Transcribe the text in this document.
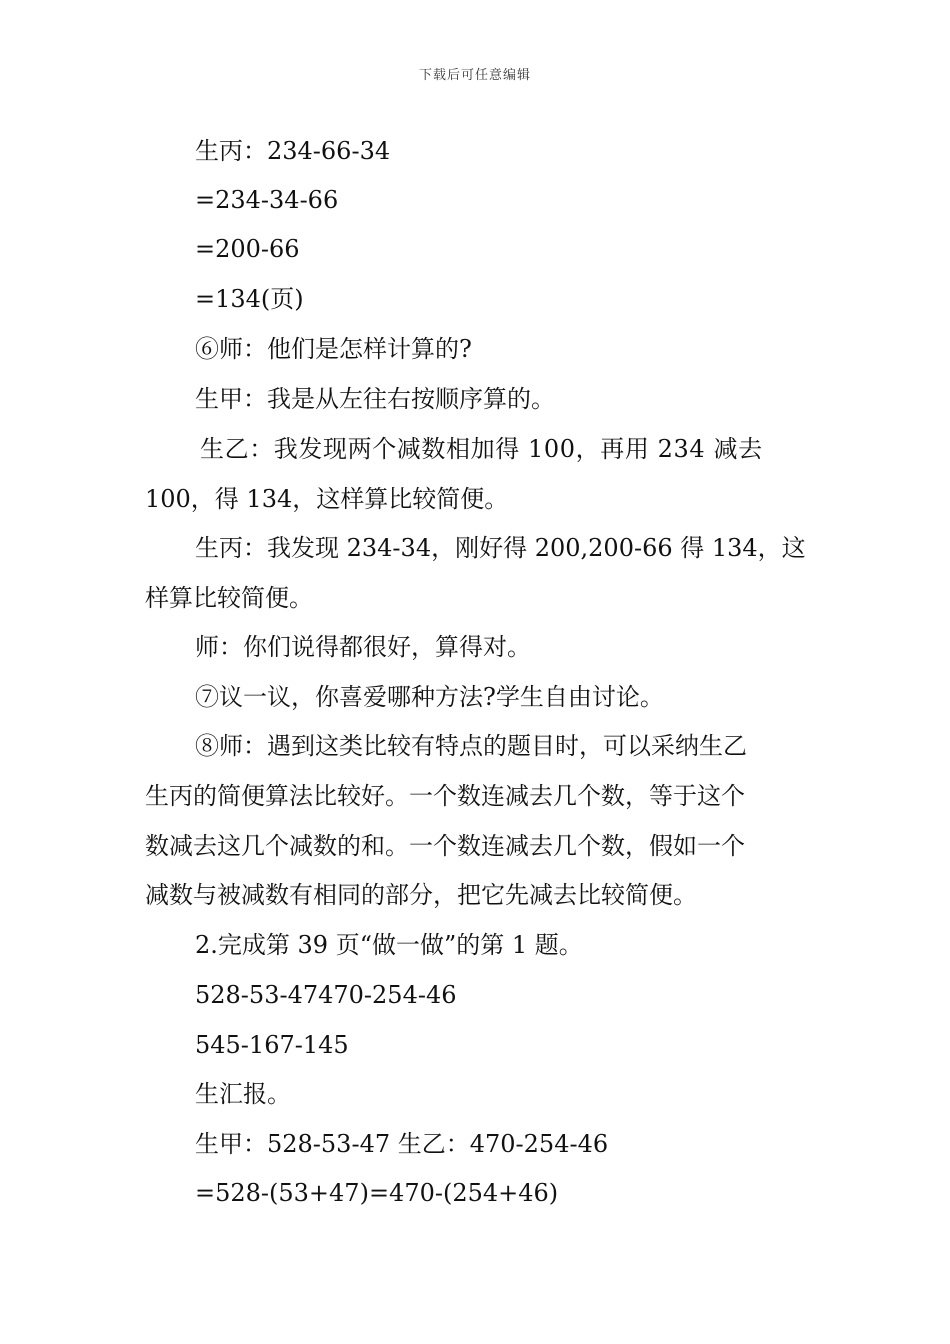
下载后可任意编辑
生丙：234-66-34
=234-34-66
=200-66
=134(页)
⑥师：他们是怎样计算的?
生甲：我是从左往右按顺序算的。
生乙：我发现两个减数相加得 100，再用 234 减去
100，得 134，这样算比较简便。
生丙：我发现 234-34，刚好得 200,200-66 得 134，这
样算比较简便。
师：你们说得都很好，算得对。
⑦议一议，你喜爱哪种方法?学生自由讨论。
⑧师：遇到这类比较有特点的题目时，可以采纳生乙
生丙的简便算法比较好。一个数连减去几个数，等于这个
数减去这几个减数的和。一个数连减去几个数，假如一个
减数与被减数有相同的部分，把它先减去比较简便。
2.完成第 39 页“做一做”的第 1 题。
528-53-47470-254-46
545-167-145
生汇报。
生甲：528-53-47 生乙：470-254-46
=528-(53+47)=470-(254+46)
